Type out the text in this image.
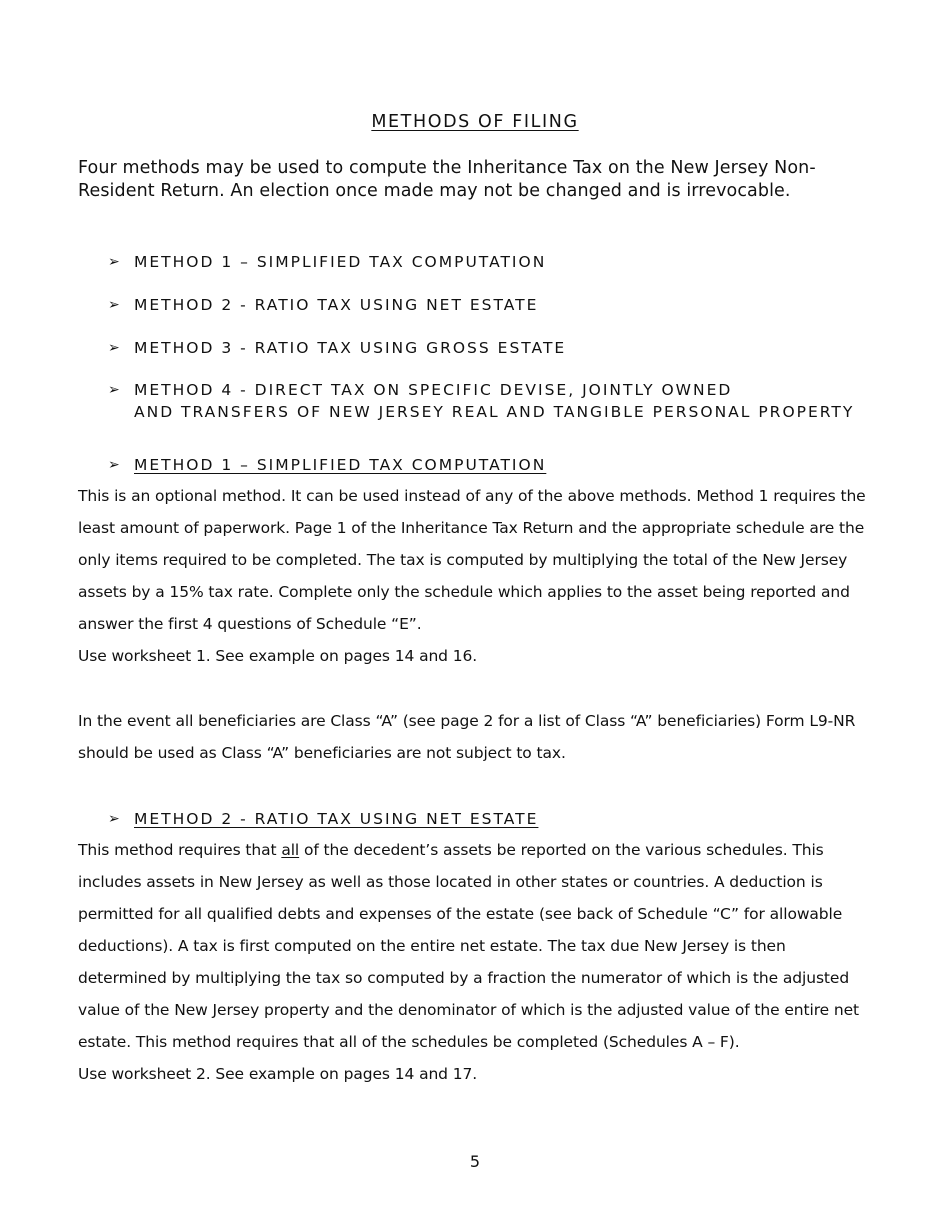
METHODS OF FILING
Four methods may be used to compute the Inheritance Tax on the New Jersey Non-Resident Return. An election once made may not be changed and is irrevocable.
➢ METHOD 1 – SIMPLIFIED TAX COMPUTATION
➢ METHOD 2 - RATIO TAX USING NET ESTATE
➢ METHOD 3 - RATIO TAX USING GROSS ESTATE
➢ METHOD 4 - DIRECT TAX ON SPECIFIC DEVISE, JOINTLY OWNED
AND TRANSFERS OF NEW JERSEY REAL AND TANGIBLE PERSONAL PROPERTY
➢ METHOD 1 – SIMPLIFIED TAX COMPUTATION

This is an optional method. It can be used instead of any of the above methods. Method 1 requires the least amount of paperwork. Page 1 of the Inheritance Tax Return and the appropriate schedule are the only items required to be completed. The tax is computed by multiplying the total of the New Jersey assets by a 15% tax rate. Complete only the schedule which applies to the asset being reported and answer the first 4 questions of Schedule “E”.

Use worksheet 1. See example on pages 14 and 16.

In the event all beneficiaries are Class “A” (see page 2 for a list of Class “A” beneficiaries) Form L9-NR should be used as Class “A” beneficiaries are not subject to tax.

➢ METHOD 2 - RATIO TAX USING NET ESTATE

This method requires that all of the decedent’s assets be reported on the various schedules. This includes assets in New Jersey as well as those located in other states or countries. A deduction is permitted for all qualified debts and expenses of the estate (see back of Schedule “C” for allowable deductions). A tax is first computed on the entire net estate. The tax due New Jersey is then determined by multiplying the tax so computed by a fraction the numerator of which is the adjusted value of the New Jersey property and the denominator of which is the adjusted value of the entire net estate. This method requires that all of the schedules be completed (Schedules A – F).

Use worksheet 2. See example on pages 14 and 17.

5
